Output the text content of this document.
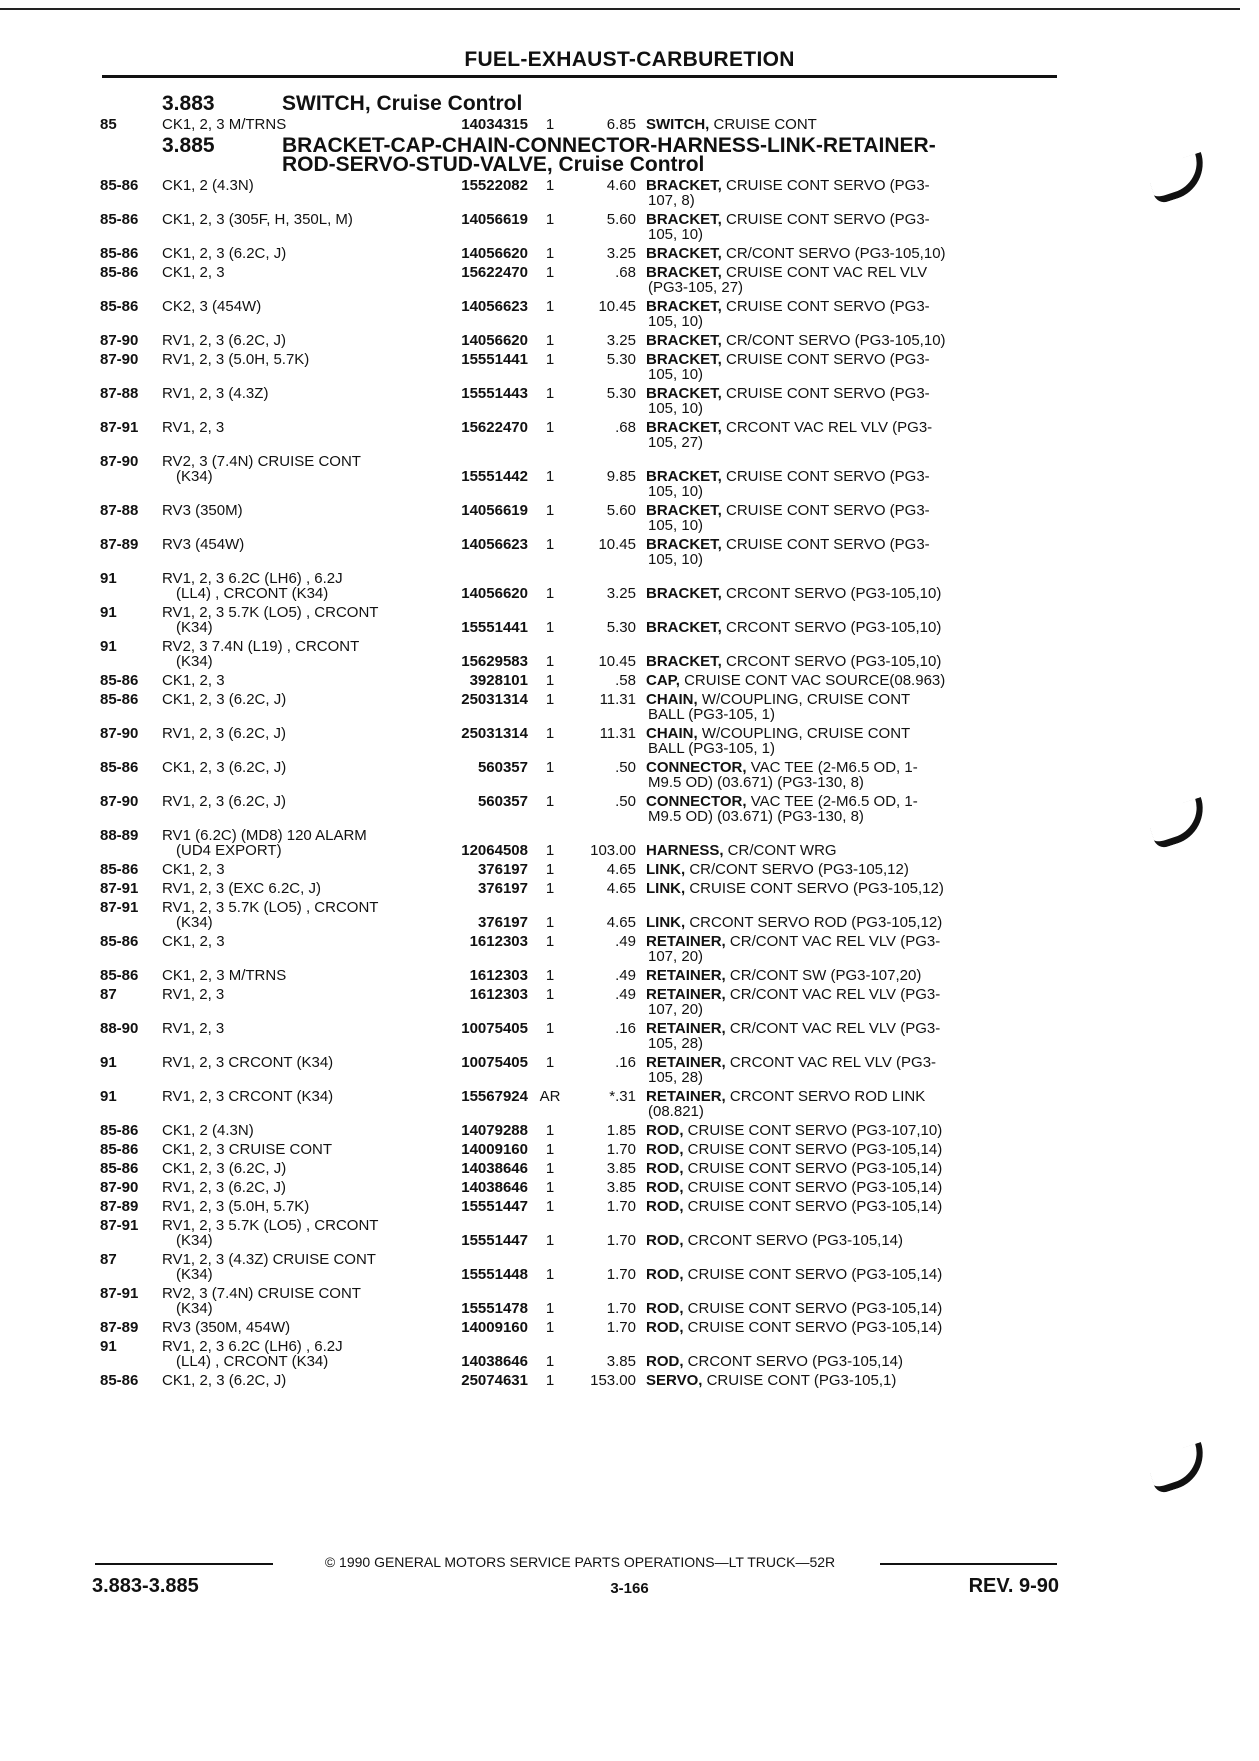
FUEL-EXHAUST-CARBURETION
3.883	SWITCH, Cruise Control
85	CK1, 2, 3 M/TRNS	14034315	1	6.85 SWITCH, CRUISE CONT
3.885	BRACKET-CAP-CHAIN-CONNECTOR-HARNESS-LINK-RETAINER-
ROD-SERVO-STUD-VALVE, Cruise Control
85-86	CK1, 2 (4.3N)	15522082	1	4.60 BRACKET, CRUISE CONT SERVO (PG3-
107, 8)
85-86	CK1, 2, 3 (305F, H, 350L, M)	14056619	1	5.60 BRACKET, CRUISE CONT SERVO (PG3-
105, 10)
85-86	CK1, 2, 3 (6.2C, J)	14056620	1	3.25 BRACKET, CR/CONT SERVO (PG3-105,10)
85-86	CK1, 2, 3	15622470	1	.68 BRACKET, CRUISE CONT VAC REL VLV
(PG3-105, 27)
85-86	CK2, 3 (454W)	14056623	1	10.45 BRACKET, CRUISE CONT SERVO (PG3-
105, 10)
87-90	RV1, 2, 3 (6.2C, J)	14056620	1	3.25 BRACKET, CR/CONT SERVO (PG3-105,10)
87-90	RV1, 2, 3 (5.0H, 5.7K)	15551441	1	5.30 BRACKET, CRUISE CONT SERVO (PG3-
105, 10)
87-88	RV1, 2, 3 (4.3Z)	15551443	1	5.30 BRACKET, CRUISE CONT SERVO (PG3-
105, 10)
87-91	RV1, 2, 3	15622470	1	.68 BRACKET, CRCONT VAC REL VLV (PG3-
105, 27)
87-90	RV2, 3 (7.4N) CRUISE CONT
(K34)	15551442	1	9.85 BRACKET, CRUISE CONT SERVO (PG3-
105, 10)
87-88	RV3 (350M)	14056619	1	5.60 BRACKET, CRUISE CONT SERVO (PG3-
105, 10)
87-89	RV3 (454W)	14056623	1	10.45 BRACKET, CRUISE CONT SERVO (PG3-
105, 10)
91	RV1, 2, 3 6.2C (LH6) , 6.2J
(LL4) , CRCONT (K34)	14056620	1	3.25 BRACKET, CRCONT SERVO (PG3-105,10)
91	RV1, 2, 3 5.7K (LO5) , CRCONT
(K34)	15551441	1	5.30 BRACKET, CRCONT SERVO (PG3-105,10)
91	RV2, 3 7.4N (L19) , CRCONT
(K34)	15629583	1	10.45 BRACKET, CRCONT SERVO (PG3-105,10)
85-86	CK1, 2, 3	3928101	1	.58 CAP, CRUISE CONT VAC SOURCE(08.963)
85-86	CK1, 2, 3 (6.2C, J)	25031314	1	11.31 CHAIN, W/COUPLING, CRUISE CONT
BALL (PG3-105, 1)
87-90	RV1, 2, 3 (6.2C, J)	25031314	1	11.31 CHAIN, W/COUPLING, CRUISE CONT
BALL (PG3-105, 1)
85-86	CK1, 2, 3 (6.2C, J)	560357	1	.50 CONNECTOR, VAC TEE (2-M6.5 OD, 1-
M9.5 OD) (03.671) (PG3-130, 8)
87-90	RV1, 2, 3 (6.2C, J)	560357	1	.50 CONNECTOR, VAC TEE (2-M6.5 OD, 1-
M9.5 OD) (03.671) (PG3-130, 8)
88-89	RV1 (6.2C) (MD8) 120 ALARM
(UD4 EXPORT)	12064508	1	103.00 HARNESS, CR/CONT WRG
85-86	CK1, 2, 3	376197	1	4.65 LINK, CR/CONT SERVO (PG3-105,12)
87-91	RV1, 2, 3 (EXC 6.2C, J)	376197	1	4.65 LINK, CRUISE CONT SERVO (PG3-105,12)
87-91	RV1, 2, 3 5.7K (LO5) , CRCONT
(K34)	376197	1	4.65 LINK, CRCONT SERVO ROD (PG3-105,12)
85-86	CK1, 2, 3	1612303	1	.49 RETAINER, CR/CONT VAC REL VLV (PG3-
107, 20)
85-86	CK1, 2, 3 M/TRNS	1612303	1	.49 RETAINER, CR/CONT SW (PG3-107,20)
87	RV1, 2, 3	1612303	1	.49 RETAINER, CR/CONT VAC REL VLV (PG3-
107, 20)
88-90	RV1, 2, 3	10075405	1	.16 RETAINER, CR/CONT VAC REL VLV (PG3-
105, 28)
91	RV1, 2, 3 CRCONT (K34)	10075405	1	.16 RETAINER, CRCONT VAC REL VLV (PG3-
105, 28)
91	RV1, 2, 3 CRCONT (K34)	15567924 AR	*.31 RETAINER, CRCONT SERVO ROD LINK
(08.821)
85-86	CK1, 2 (4.3N)	14079288	1	1.85 ROD, CRUISE CONT SERVO (PG3-107,10)
85-86	CK1, 2, 3 CRUISE CONT	14009160	1	1.70 ROD, CRUISE CONT SERVO (PG3-105,14)
85-86	CK1, 2, 3 (6.2C, J)	14038646	1	3.85 ROD, CRUISE CONT SERVO (PG3-105,14)
87-90	RV1, 2, 3 (6.2C, J)	14038646	1	3.85 ROD, CRUISE CONT SERVO (PG3-105,14)
87-89	RV1, 2, 3 (5.0H, 5.7K)	15551447	1	1.70 ROD, CRUISE CONT SERVO (PG3-105,14)
87-91	RV1, 2, 3 5.7K (LO5) , CRCONT
(K34)	15551447	1	1.70 ROD, CRCONT SERVO (PG3-105,14)
87	RV1, 2, 3 (4.3Z) CRUISE CONT
(K34)	15551448	1	1.70 ROD, CRUISE CONT SERVO (PG3-105,14)
87-91	RV2, 3 (7.4N) CRUISE CONT
(K34)	15551478	1	1.70 ROD, CRUISE CONT SERVO (PG3-105,14)
87-89	RV3 (350M, 454W)	14009160	1	1.70 ROD, CRUISE CONT SERVO (PG3-105,14)
91	RV1, 2, 3 6.2C (LH6) , 6.2J
(LL4) , CRCONT (K34)	14038646	1	3.85 ROD, CRCONT SERVO (PG3-105,14)
85-86	CK1, 2, 3 (6.2C, J)	25074631	1	153.00 SERVO, CRUISE CONT (PG3-105,1)
© 1990 GENERAL MOTORS SERVICE PARTS OPERATIONS—LT TRUCK—52R
3.883-3.885	3-166	REV. 9-90
